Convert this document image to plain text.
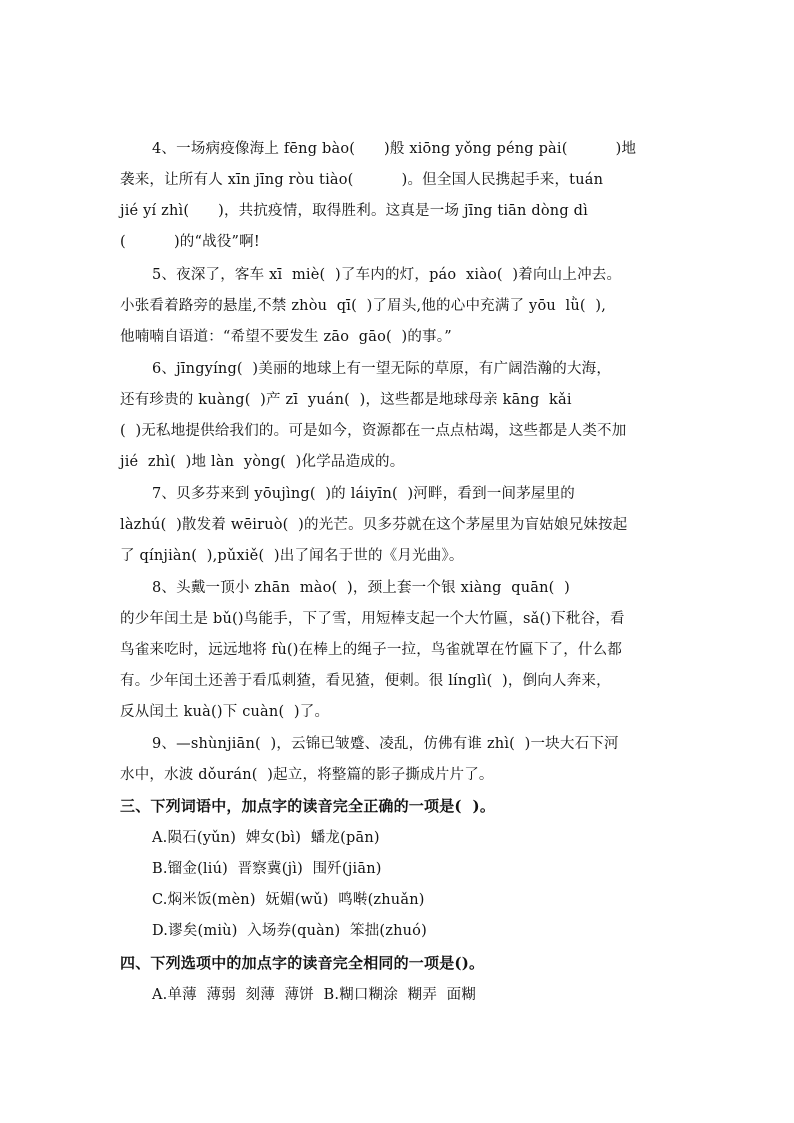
4、一场病疫像海上 fēng bào(      )般 xiōng yǒng péng pài(          )地
袭来，让所有人 xīn jīng ròu tiào(          )。但全国人民携起手来，tuán
jié yí zhì(      )，共抗疫情，取得胜利。这真是一场 jīng tiān dòng dì
(          )的“战役”啊!
5、夜深了，客车 xī  miè(  )了车内的灯，páo  xiào(  )着向山上冲去。
小张看着路旁的悬崖,不禁 zhòu  qī(  )了眉头,他的心中充满了 yōu  lǜ(  ),
他喃喃自语道：“希望不要发生 zāo  gāo(  )的事。”
6、jīngyíng(  )美丽的地球上有一望无际的草原，有广阔浩瀚的大海，
还有珍贵的 kuàng(  )产 zī  yuán(  )，这些都是地球母亲 kāng  kǎi
(  )无私地提供给我们的。可是如今，资源都在一点点枯竭，这些都是人类不加
jié  zhì(  )地 làn  yòng(  )化学品造成的。
7、贝多芬来到 yōujìng(  )的 láiyīn(  )河畔，看到一间茅屋里的
làzhú(  )散发着 wēiruò(  )的光芒。贝多芬就在这个茅屋里为盲姑娘兄妹按起
了 qínjiàn(  ),pǔxiě(  )出了闻名于世的《月光曲》。
8、头戴一顶小 zhān  mào(  )，颈上套一个银 xiàng  quān(  )
的少年闰土是 bǔ()鸟能手，下了雪，用短棒支起一个大竹匾，sǎ()下秕谷，看
鸟雀来吃时，远远地将 fù()在棒上的绳子一拉，鸟雀就罩在竹匾下了，什么都
有。少年闰土还善于看瓜刺猹，看见猹，便刺。很 línglì(  )，倒向人奔来，
反从闰土 kuà()下 cuàn(  )了。
9、—shùnjiān(  )，云锦已皱蹙、凌乱，仿佛有谁 zhì(  )一块大石下河
水中，水波 dǒurán(  )起立，将整篇的影子撕成片片了。
三、下列词语中，加点字的读音完全正确的一项是(  )。
A.陨石(yǔn)  婢女(bì)  蟠龙(pān)
B.镏金(liú)  晋察冀(jì)  围歼(jiān)
C.焖米饭(mèn)  妩媚(wǔ)  鸣啭(zhuǎn)
D.谬矣(miù)  入场券(quàn)  笨拙(zhuó)
四、下列选项中的加点字的读音完全相同的一项是()。
A.单薄  薄弱  刻薄  薄饼  B.糊口糊涂  糊弄  面糊
